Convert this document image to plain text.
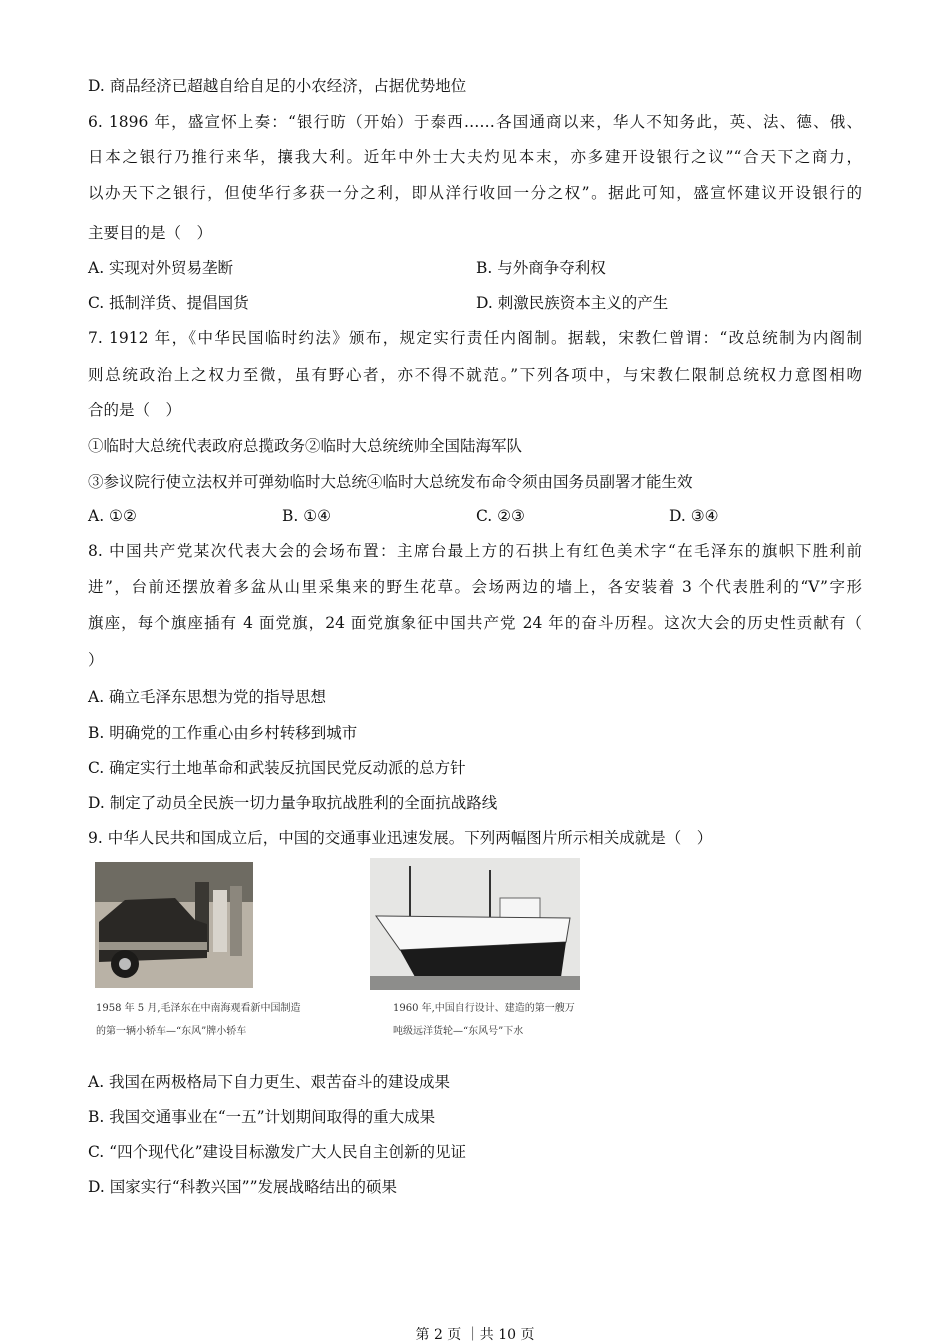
D. 商品经济已超越自给自足的小农经济，占据优势地位
6. 1896 年，盛宣怀上奏：“银行昉（开始）于泰西……各国通商以来，华人不知务此，英、法、德、俄、
日本之银行乃推行来华，攘我大利。近年中外士大夫灼见本末，亦多建开设银行之议”“合天下之商力，
以办天下之银行，但使华行多获一分之利，即从洋行收回一分之权”。据此可知，盛宣怀建议开设银行的
主要目的是（　）
A. 实现对外贸易垄断	B. 与外商争夺利权
C. 抵制洋货、提倡国货	D. 刺激民族资本主义的产生
7. 1912 年，《中华民国临时约法》颁布，规定实行责任内阁制。据载，宋教仁曾谓：“改总统制为内阁制
则总统政治上之权力至微，虽有野心者，亦不得不就范。”下列各项中，与宋教仁限制总统权力意图相吻
合的是（　）
①临时大总统代表政府总揽政务②临时大总统统帅全国陆海军队
③参议院行使立法权并可弹劾临时大总统④临时大总统发布命令须由国务员副署才能生效
A. ①②	B. ①④	C. ②③	D. ③④
8. 中国共产党某次代表大会的会场布置：主席台最上方的石拱上有红色美术字“在毛泽东的旗帜下胜利前
进”，台前还摆放着多盆从山里采集来的野生花草。会场两边的墙上，各安装着 3 个代表胜利的“V”字形
旗座，每个旗座插有 4 面党旗，24 面党旗象征中国共产党 24 年的奋斗历程。这次大会的历史性贡献有（
）
A. 确立毛泽东思想为党的指导思想
B. 明确党的工作重心由乡村转移到城市
C. 确定实行土地革命和武装反抗国民党反动派的总方针
D. 制定了动员全民族一切力量争取抗战胜利的全面抗战路线
9. 中华人民共和国成立后，中国的交通事业迅速发展。下列两幅图片所示相关成就是（　）
1958 年 5 月,毛泽东在中南海观看新中国制造
的第一辆小轿车—“东风”牌小轿车
1960 年,中国自行设计、建造的第一艘万
吨级远洋货轮—“东风号”下水
A. 我国在两极格局下自力更生、艰苦奋斗的建设成果
B. 我国交通事业在“一五”计划期间取得的重大成果
C. “四个现代化”建设目标激发广大人民自主创新的见证
D. 国家实行“科教兴国””发展战略结出的硕果
第 2 页 ｜共 10 页
